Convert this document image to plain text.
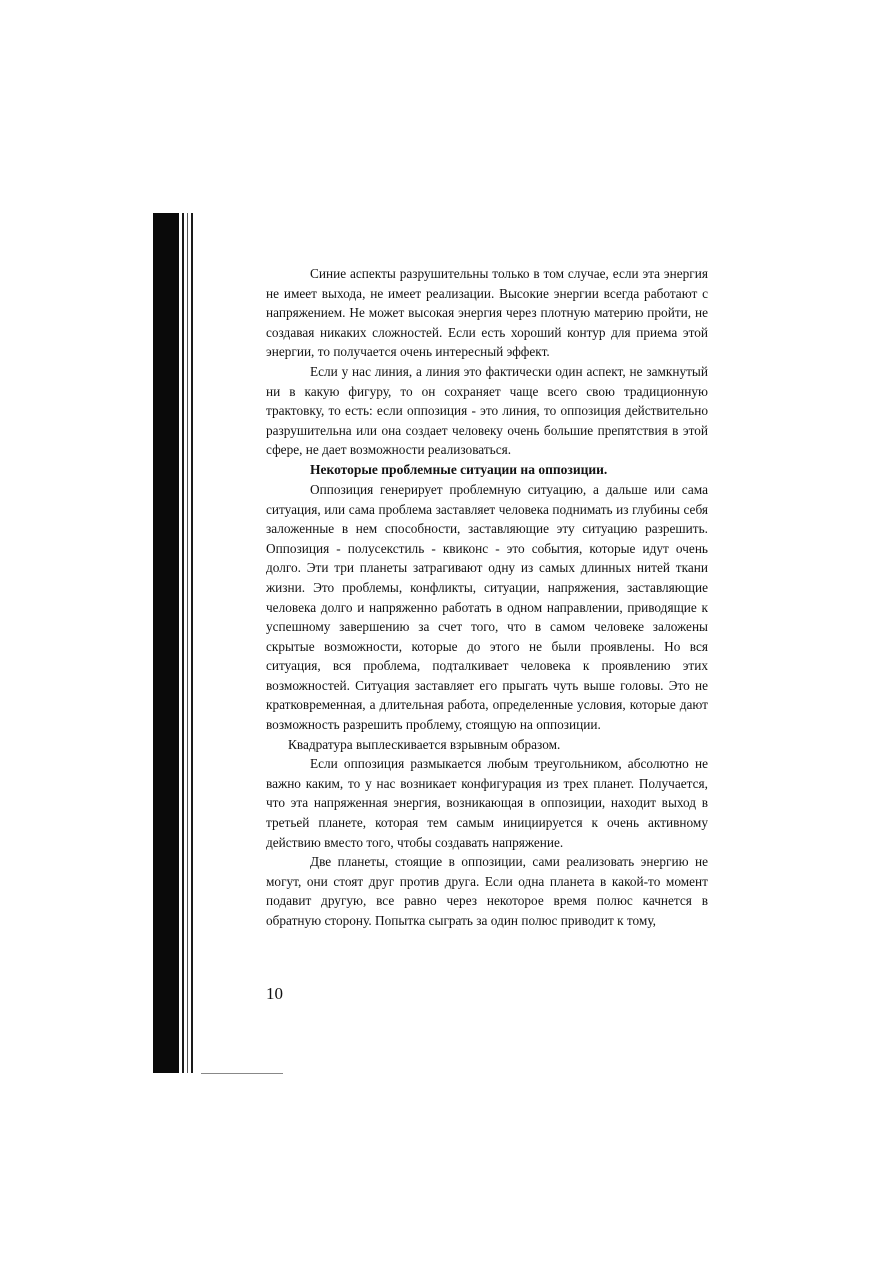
Синие аспекты разрушительны только в том случае, если эта энергия не имеет выхода, не имеет реализации. Высокие энергии всегда работают с напряжением. Не может высокая энергия через плотную материю пройти, не создавая никаких сложностей. Если есть хороший контур для приема этой энергии, то получается очень интересный эффект.

Если у нас линия, а линия это фактически один аспект, не замкнутый ни в какую фигуру, то он сохраняет чаще всего свою традиционную трактовку, то есть: если оппозиция - это линия, то оппозиция действительно разрушительна или она создает человеку очень большие препятствия в этой сфере, не дает возможности реализоваться.

Некоторые проблемные ситуации на оппозиции.

Оппозиция генерирует проблемную ситуацию, а дальше или сама ситуация, или сама проблема заставляет человека поднимать из глубины себя заложенные в нем способности, заставляющие эту ситуацию разрешить. Оппозиция - полусекстиль - квиконс - это события, которые идут очень долго. Эти три планеты затрагивают одну из самых длинных нитей ткани жизни. Это проблемы, конфликты, ситуации, напряжения, заставляющие человека долго и напряженно работать в одном направлении, приводящие к успешному завершению за счет того, что в самом человеке заложены скрытые возможности, которые до этого не были проявлены. Но вся ситуация, вся проблема, подталкивает человека к проявлению этих возможностей. Ситуация заставляет его прыгать чуть выше головы. Это не кратковременная, а длительная работа, определенные условия, которые дают возможность разрешить проблему, стоящую на оппозиции.

Квадратура выплескивается взрывным образом.

Если оппозиция размыкается любым треугольником, абсолютно не важно каким, то у нас возникает конфигурация из трех планет. Получается, что эта напряженная энергия, возникающая в оппозиции, находит выход в третьей планете, которая тем самым инициируется к очень активному действию вместо того, чтобы создавать напряжение.

Две планеты, стоящие в оппозиции, сами реализовать энергию не могут, они стоят друг против друга. Если одна планета в какой-то момент подавит другую, все равно через некоторое время полюс качнется в обратную сторону. Попытка сыграть за один полюс приводит к тому,

10
